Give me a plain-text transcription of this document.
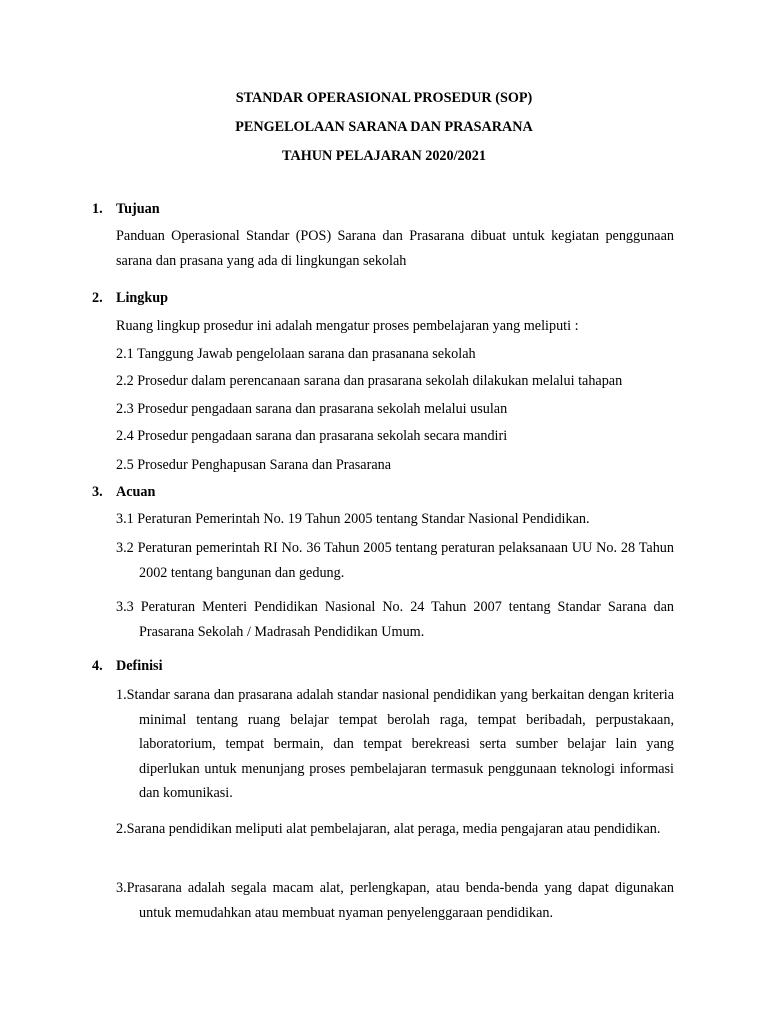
STANDAR OPERASIONAL PROSEDUR (SOP)
PENGELOLAAN SARANA DAN PRASARANA
TAHUN PELAJARAN 2020/2021
1. Tujuan
Panduan Operasional Standar (POS) Sarana dan Prasarana dibuat untuk kegiatan penggunaan sarana dan prasana yang ada di lingkungan sekolah
2. Lingkup
Ruang lingkup prosedur ini adalah mengatur proses pembelajaran yang meliputi :
2.1 Tanggung Jawab pengelolaan sarana dan prasanana sekolah
2.2 Prosedur dalam perencanaan sarana dan prasarana sekolah dilakukan melalui tahapan
2.3 Prosedur pengadaan sarana dan prasarana sekolah melalui usulan
2.4 Prosedur pengadaan sarana dan prasarana sekolah secara mandiri
2.5 Prosedur Penghapusan Sarana dan Prasarana
3. Acuan
3.1 Peraturan Pemerintah No. 19 Tahun 2005 tentang Standar Nasional Pendidikan.
3.2 Peraturan pemerintah RI No. 36 Tahun 2005 tentang peraturan pelaksanaan UU No. 28 Tahun 2002 tentang bangunan dan gedung.
3.3 Peraturan Menteri Pendidikan Nasional No. 24 Tahun 2007 tentang Standar Sarana dan Prasarana Sekolah / Madrasah Pendidikan Umum.
4. Definisi
1.Standar sarana dan prasarana adalah standar nasional pendidikan yang berkaitan dengan kriteria minimal tentang ruang belajar tempat berolah raga, tempat beribadah, perpustakaan, laboratorium, tempat bermain, dan tempat berekreasi serta sumber belajar lain yang diperlukan untuk menunjang proses pembelajaran termasuk penggunaan teknologi informasi dan komunikasi.
2.Sarana pendidikan meliputi alat pembelajaran, alat peraga, media pengajaran atau pendidikan.
3.Prasarana adalah segala macam alat, perlengkapan, atau benda-benda yang dapat digunakan untuk memudahkan atau membuat nyaman penyelenggaraan pendidikan.
